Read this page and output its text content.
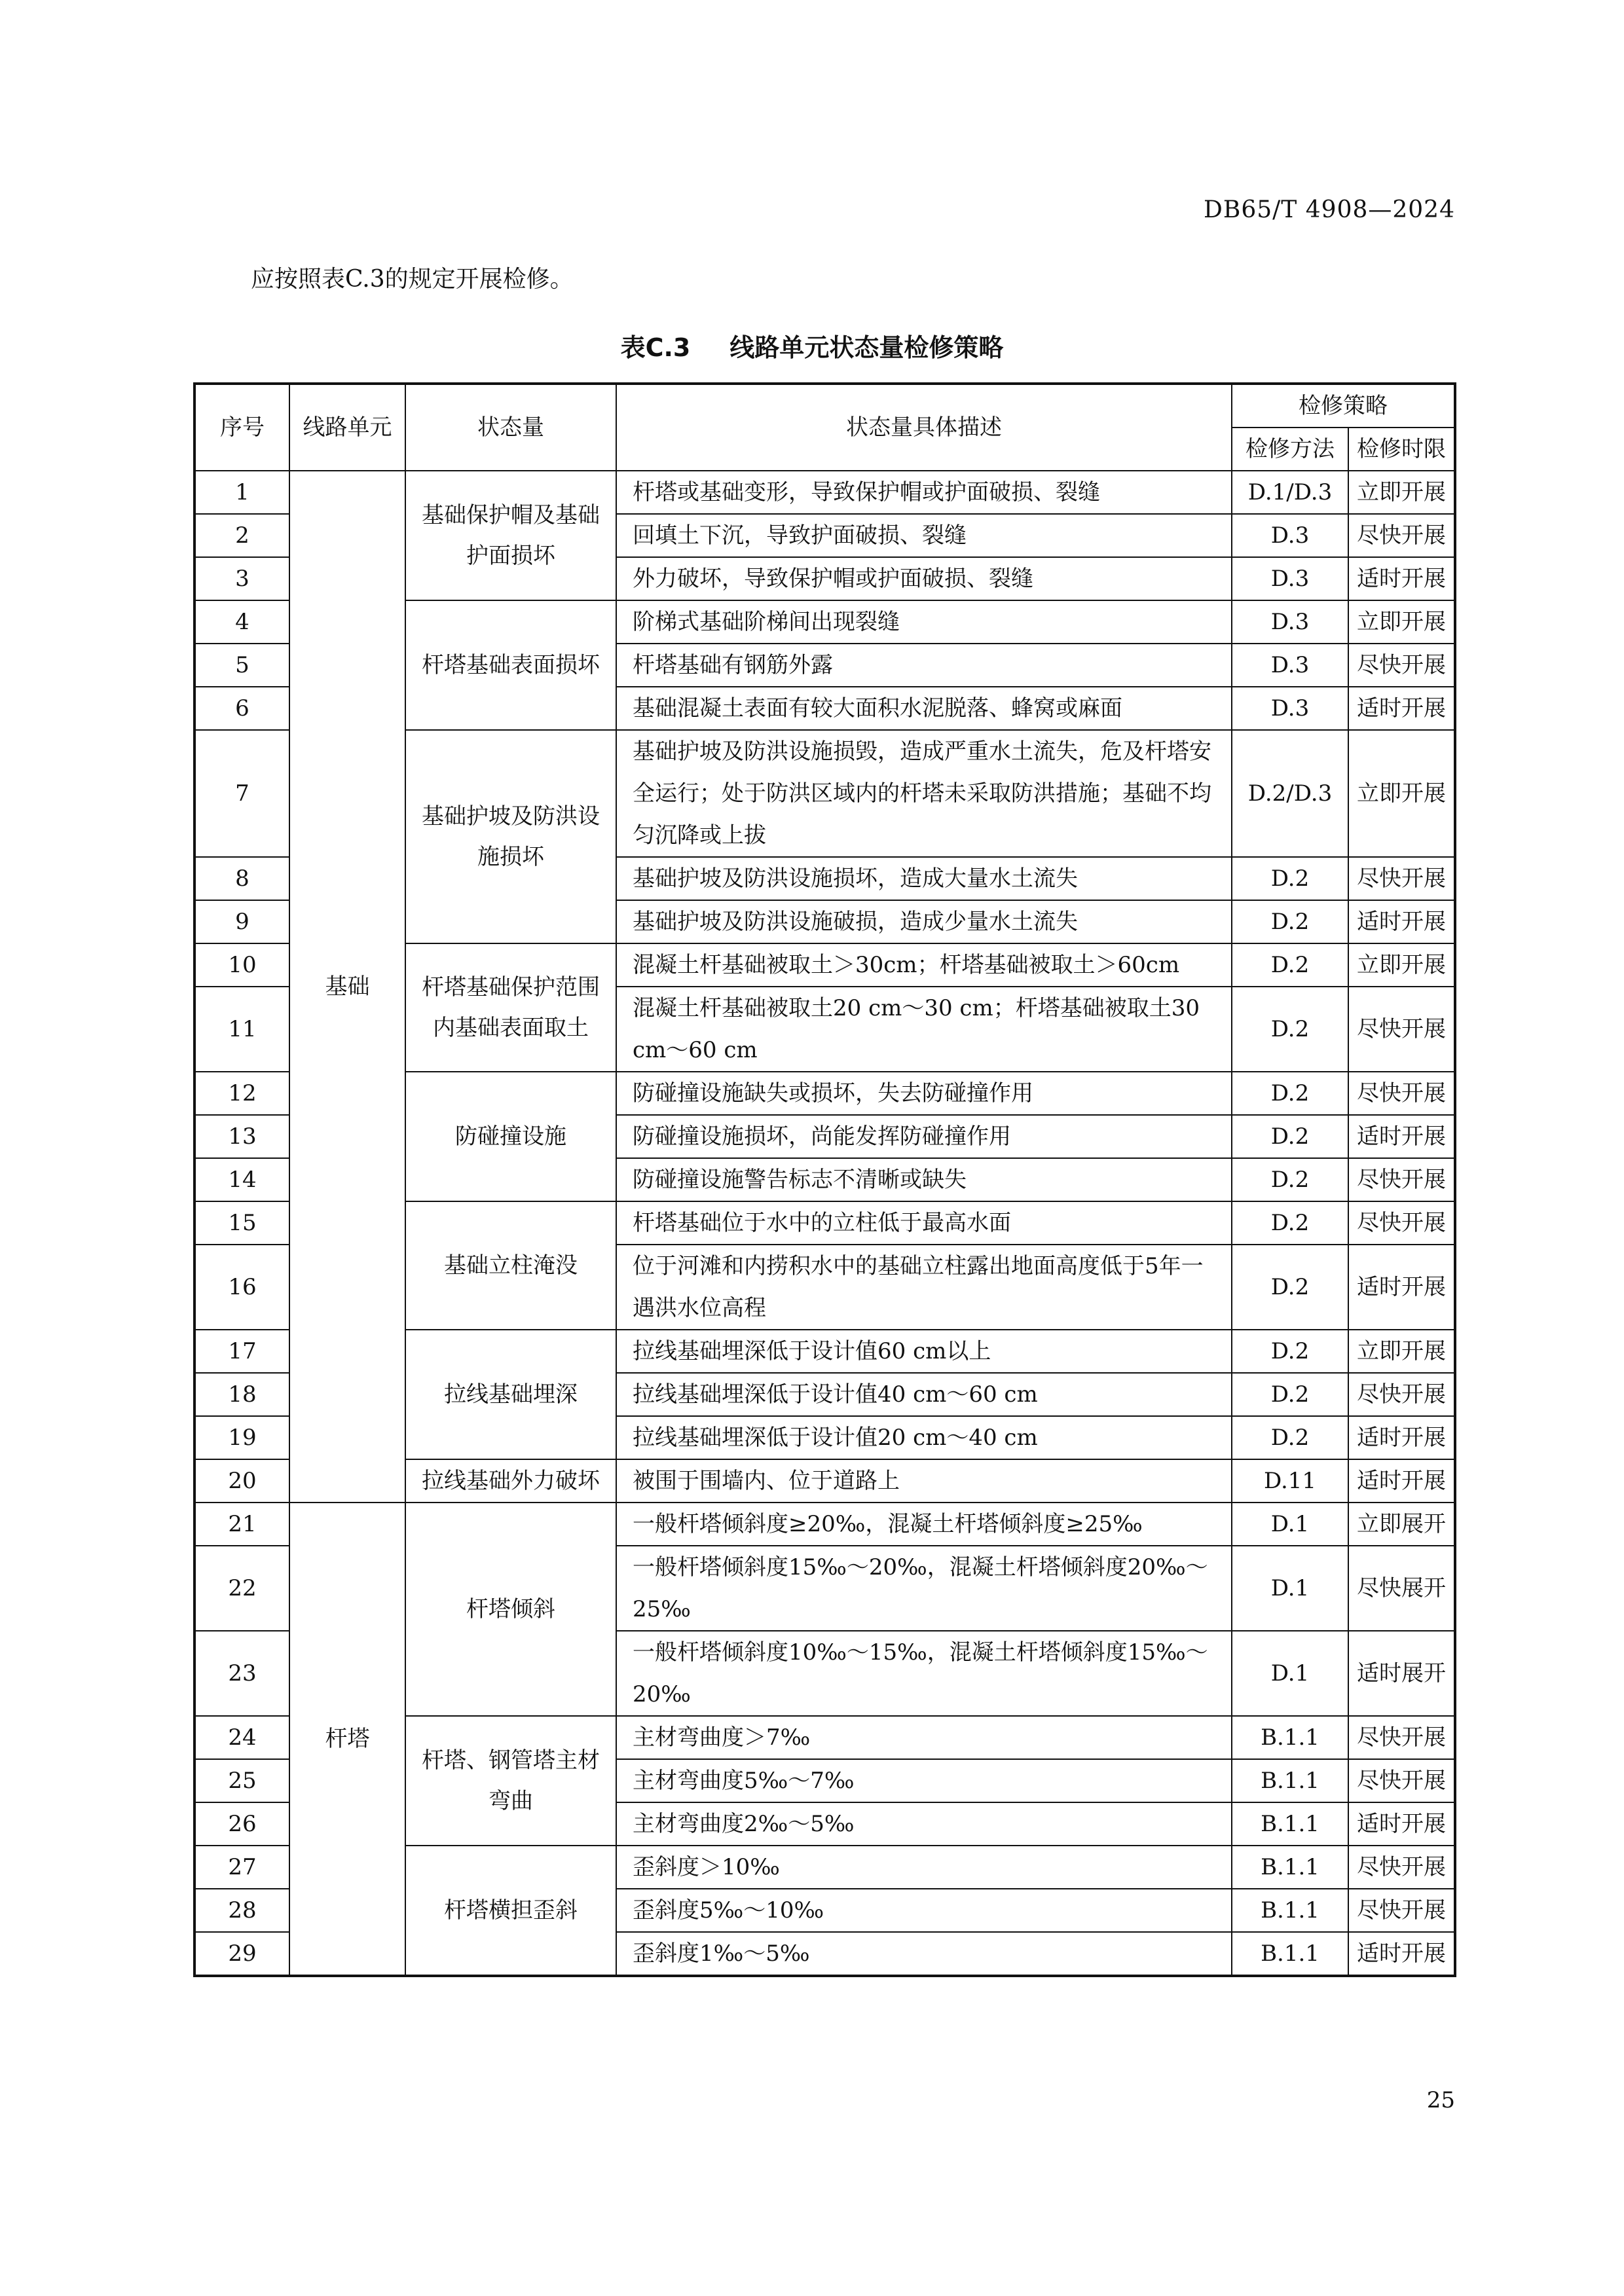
DB65/T 4908—2024
应按照表C.3的规定开展检修。
表C.3 线路单元状态量检修策略
序号	线路单元	状态量	状态量具体描述	检修策略	
				检修方法	检修时限
1	基础	基础保护帽及基础护面损坏	杆塔或基础变形，导致保护帽或护面破损、裂缝	D.1/D.3	立即开展
2			回填土下沉，导致护面破损、裂缝	D.3	尽快开展
3			外力破坏，导致保护帽或护面破损、裂缝	D.3	适时开展
4		杆塔基础表面损坏	阶梯式基础阶梯间出现裂缝	D.3	立即开展
5			杆塔基础有钢筋外露	D.3	尽快开展
6			基础混凝土表面有较大面积水泥脱落、蜂窝或麻面	D.3	适时开展
7		基础护坡及防洪设施损坏	基础护坡及防洪设施损毁，造成严重水土流失，危及杆塔安全运行；处于防洪区域内的杆塔未采取防洪措施；基础不均匀沉降或上拔	D.2/D.3	立即开展
8			基础护坡及防洪设施损坏，造成大量水土流失	D.2	尽快开展
9			基础护坡及防洪设施破损，造成少量水土流失	D.2	适时开展
10		杆塔基础保护范围内基础表面取土	混凝土杆基础被取土＞30cm；杆塔基础被取土＞60cm	D.2	立即开展
11			混凝土杆基础被取土20 cm～30 cm；杆塔基础被取土30 cm～60 cm	D.2	尽快开展
12		防碰撞设施	防碰撞设施缺失或损坏，失去防碰撞作用	D.2	尽快开展
13			防碰撞设施损坏，尚能发挥防碰撞作用	D.2	适时开展
14			防碰撞设施警告标志不清晰或缺失	D.2	尽快开展
15		基础立柱淹没	杆塔基础位于水中的立柱低于最高水面	D.2	尽快开展
16			位于河滩和内捞积水中的基础立柱露出地面高度低于5年一遇洪水位高程	D.2	适时开展
17		拉线基础埋深	拉线基础埋深低于设计值60 cm以上	D.2	立即开展
18			拉线基础埋深低于设计值40 cm～60 cm	D.2	尽快开展
19			拉线基础埋深低于设计值20 cm～40 cm	D.2	适时开展
20		拉线基础外力破坏	被围于围墙内、位于道路上	D.11	适时开展
21	杆塔	杆塔倾斜	一般杆塔倾斜度≥20‰，混凝土杆塔倾斜度≥25‰	D.1	立即展开
22			一般杆塔倾斜度15‰～20‰，混凝土杆塔倾斜度20‰～25‰	D.1	尽快展开
23			一般杆塔倾斜度10‰～15‰，混凝土杆塔倾斜度15‰～20‰	D.1	适时展开
24		杆塔、钢管塔主材弯曲	主材弯曲度＞7‰	B.1.1	尽快开展
25			主材弯曲度5‰～7‰	B.1.1	尽快开展
26			主材弯曲度2‰～5‰	B.1.1	适时开展
27		杆塔横担歪斜	歪斜度＞10‰	B.1.1	尽快开展
28			歪斜度5‰～10‰	B.1.1	尽快开展
29			歪斜度1‰～5‰	B.1.1	适时开展
25
